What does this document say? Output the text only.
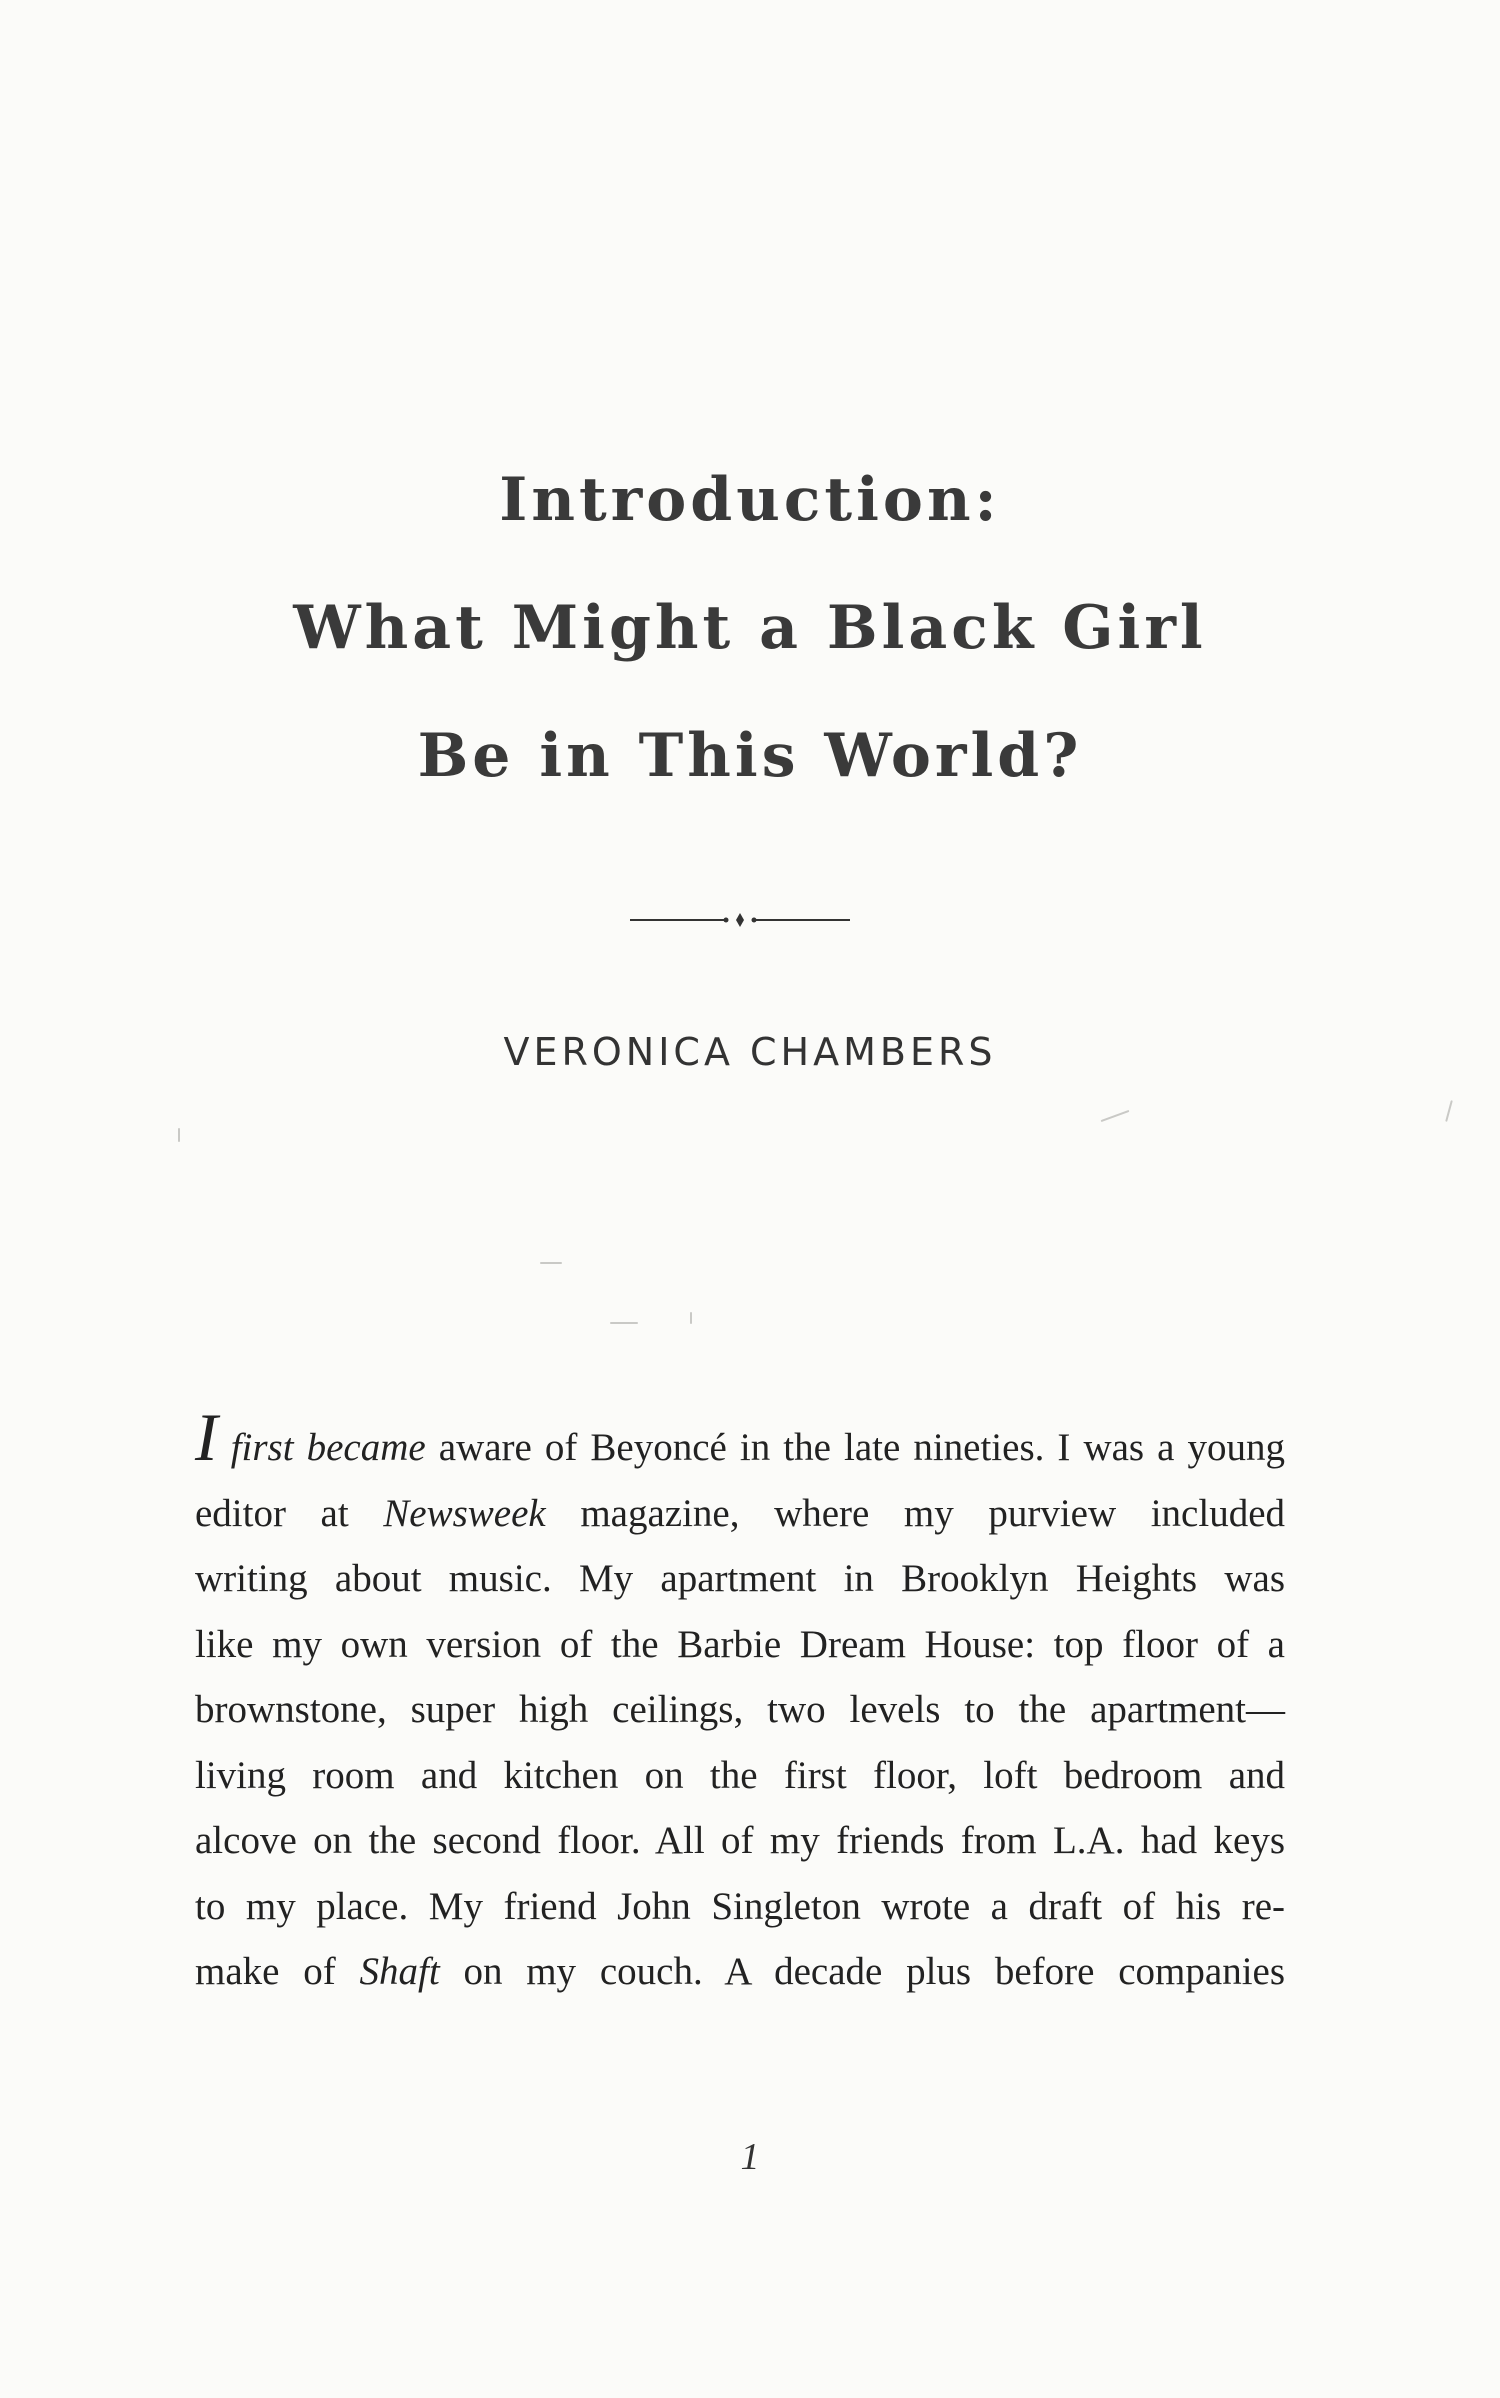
Introduction:
What Might a Black Girl
Be in This World?
VERONICA CHAMBERS
I first became aware of Beyoncé in the late nineties. I was a young
editor at Newsweek magazine, where my purview included
writing about music. My apartment in Brooklyn Heights was
like my own version of the Barbie Dream House: top floor of a
brownstone, super high ceilings, two levels to the apartment—
living room and kitchen on the first floor, loft bedroom and
alcove on the second floor. All of my friends from L.A. had keys
to my place. My friend John Singleton wrote a draft of his re-
make of Shaft on my couch. A decade plus before companies
1
